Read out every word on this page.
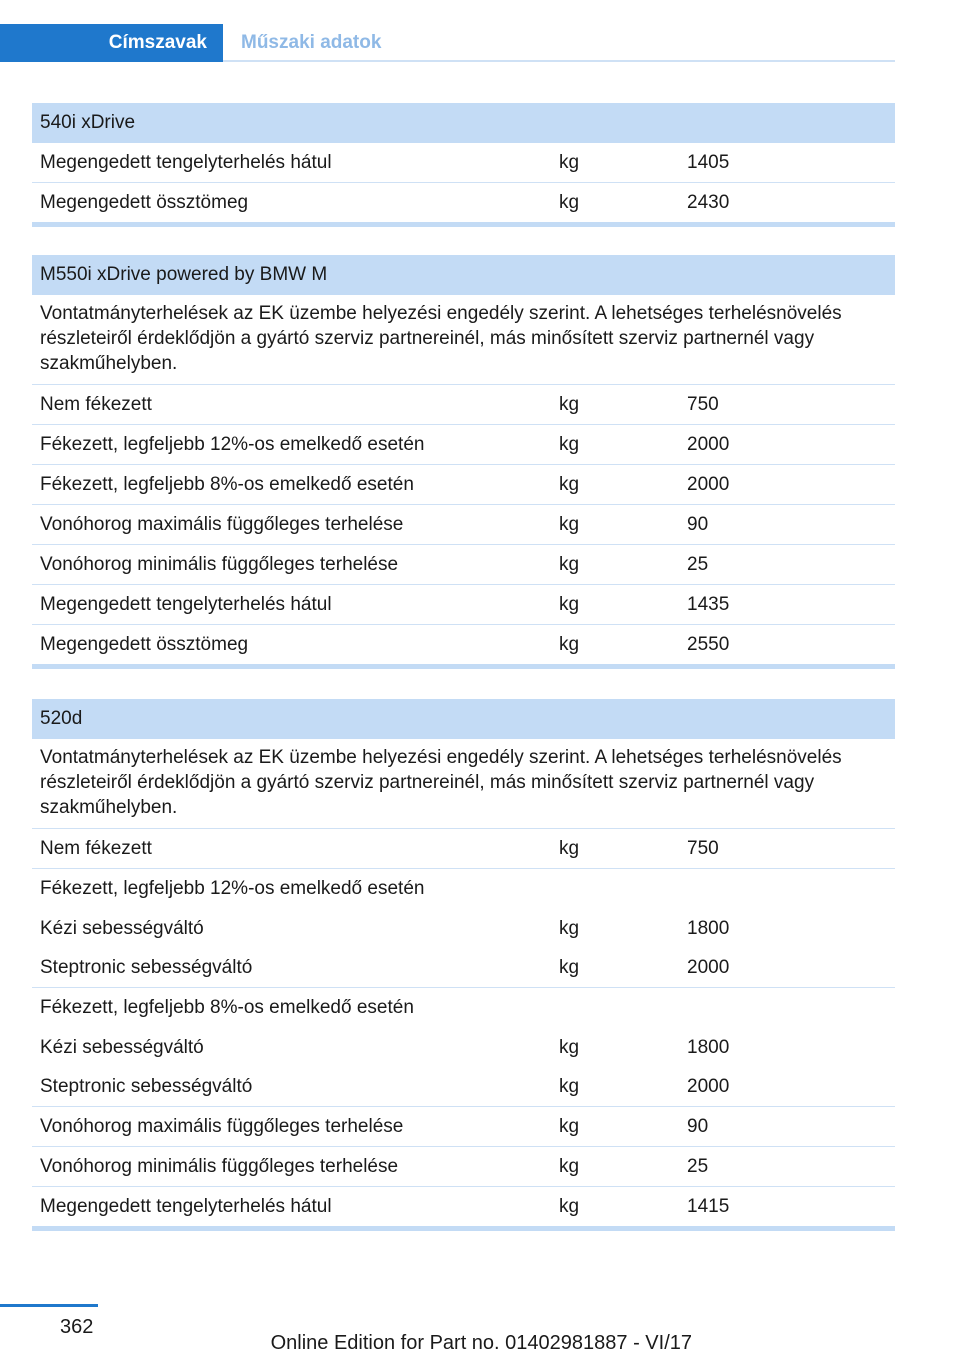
Címszavak	Műszaki adatok
540i xDrive
Megengedett tengelyterhelés hátul	kg	1405
Megengedett össztömeg	kg	2430
M550i xDrive powered by BMW M
Vontatmányterhelések az EK üzembe helyezési engedély szerint. A lehetséges terhelésnövelés részleteiről érdeklődjön a gyártó szerviz partnereinél, más minősített szerviz partnernél vagy szakműhelyben.
Nem fékezett	kg	750
Fékezett, legfeljebb 12%-os emelkedő esetén	kg	2000
Fékezett, legfeljebb 8%-os emelkedő esetén	kg	2000
Vonóhorog maximális függőleges terhelése	kg	90
Vonóhorog minimális függőleges terhelése	kg	25
Megengedett tengelyterhelés hátul	kg	1435
Megengedett össztömeg	kg	2550
520d
Vontatmányterhelések az EK üzembe helyezési engedély szerint. A lehetséges terhelésnövelés részleteiről érdeklődjön a gyártó szerviz partnereinél, más minősített szerviz partnernél vagy szakműhelyben.
Nem fékezett	kg	750
Fékezett, legfeljebb 12%-os emelkedő esetén
Kézi sebességváltó	kg	1800
Steptronic sebességváltó	kg	2000
Fékezett, legfeljebb 8%-os emelkedő esetén
Kézi sebességváltó	kg	1800
Steptronic sebességváltó	kg	2000
Vonóhorog maximális függőleges terhelése	kg	90
Vonóhorog minimális függőleges terhelése	kg	25
Megengedett tengelyterhelés hátul	kg	1415
362
Online Edition for Part no. 01402981887 - VI/17
